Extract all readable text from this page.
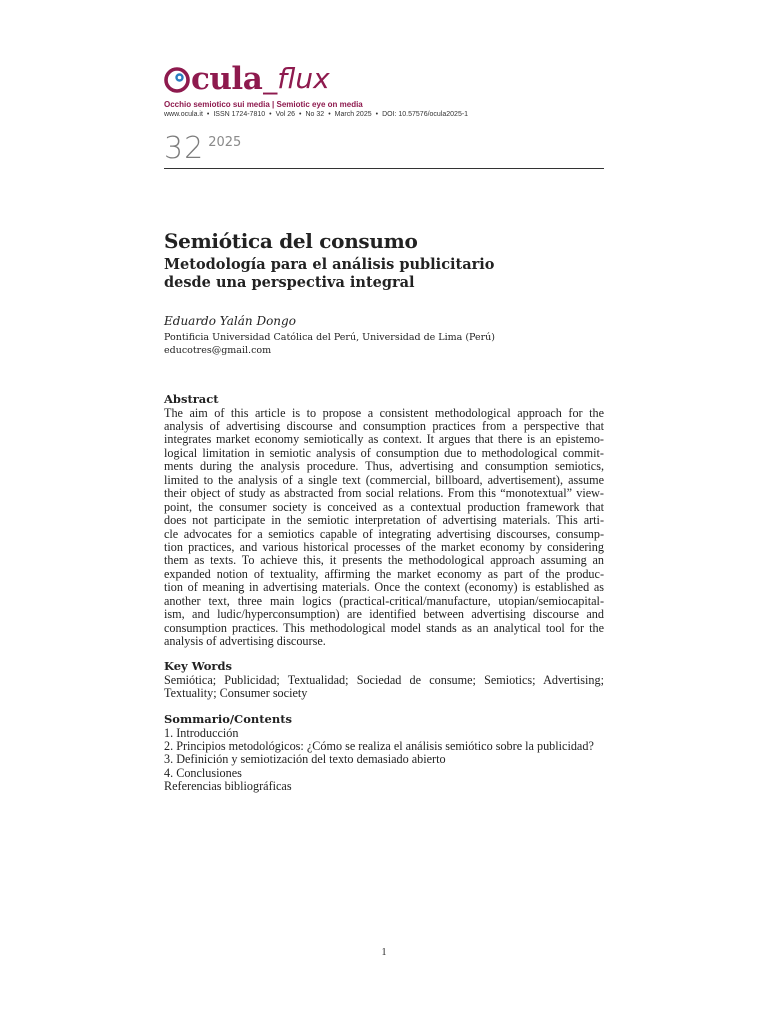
cula_flux
Occhio semiotico sui media | Semiotic eye on media
www.ocula.it • ISSN 1724-7810 • Vol 26 • No 32 • March 2025 • DOI: 10.57576/ocula2025-1
32 2025
Semiótica del consumo
Metodología para el análisis publicitario
desde una perspectiva integral
Eduardo Yalán Dongo
Pontificia Universidad Católica del Perú, Universidad de Lima (Perú)
educotres@gmail.com
Abstract
The aim of this article is to propose a consistent methodological approach for the
analysis of advertising discourse and consumption practices from a perspective that
integrates market economy semiotically as context. It argues that there is an epistemo-
logical limitation in semiotic analysis of consumption due to methodological commit-
ments during the analysis procedure. Thus, advertising and consumption semiotics,
limited to the analysis of a single text (commercial, billboard, advertisement), assume
their object of study as abstracted from social relations. From this “monotextual” view-
point, the consumer society is conceived as a contextual production framework that
does not participate in the semiotic interpretation of advertising materials. This arti-
cle advocates for a semiotics capable of integrating advertising discourses, consump-
tion practices, and various historical processes of the market economy by considering
them as texts. To achieve this, it presents the methodological approach assuming an
expanded notion of textuality, affirming the market economy as part of the produc-
tion of meaning in advertising materials. Once the context (economy) is established as
another text, three main logics (practical-critical/manufacture, utopian/semiocapital-
ism, and ludic/hyperconsumption) are identified between advertising discourse and
consumption practices. This methodological model stands as an analytical tool for the
analysis of advertising discourse.
Key Words
Semiótica; Publicidad; Textualidad; Sociedad de consume; Semiotics; Advertising;
Textuality; Consumer society
Sommario/Contents
1. Introducción
2. Principios metodológicos: ¿Cómo se realiza el análisis semiótico sobre la publicidad?
3. Definición y semiotización del texto demasiado abierto
4. Conclusiones
Referencias bibliográficas
1
